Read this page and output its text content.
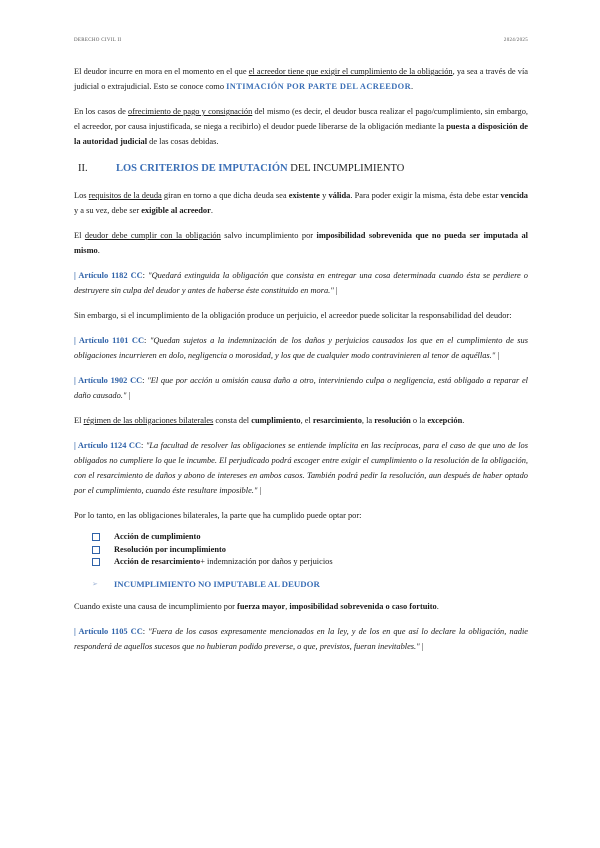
DERECHO CIVIL II	2024/2025

El deudor incurre en mora en el momento en el que el acreedor tiene que exigir el cumplimiento de la obligación, ya sea a través de vía judicial o extrajudicial. Esto se conoce como INTIMACIÓN POR PARTE DEL ACREEDOR.

En los casos de ofrecimiento de pago y consignación del mismo (es decir, el deudor busca realizar el pago/cumplimiento, sin embargo, el acreedor, por causa injustificada, se niega a recibirlo) el deudor puede liberarse de la obligación mediante la puesta a disposición de la autoridad judicial de las cosas debidas.

II.	LOS CRITERIOS DE IMPUTACIÓN DEL INCUMPLIMIENTO

Los requisitos de la deuda giran en torno a que dicha deuda sea existente y válida. Para poder exigir la misma, ésta debe estar vencida y a su vez, debe ser exigible al acreedor.

El deudor debe cumplir con la obligación salvo incumplimiento por imposibilidad sobrevenida que no pueda ser imputada al mismo.

| Artículo 1182 CC: "Quedará extinguida la obligación que consista en entregar una cosa determinada cuando ésta se perdiere o destruyere sin culpa del deudor y antes de haberse éste constituido en mora." |

Sin embargo, si el incumplimiento de la obligación produce un perjuicio, el acreedor puede solicitar la responsabilidad del deudor:

| Artículo 1101 CC: "Quedan sujetos a la indemnización de los daños y perjuicios causados los que en el cumplimiento de sus obligaciones incurrieren en dolo, negligencia o morosidad, y los que de cualquier modo contravinieren al tenor de aquéllas." |

| Artículo 1902 CC: "El que por acción u omisión causa daño a otro, interviniendo culpa o negligencia, está obligado a reparar el daño causado." |

El régimen de las obligaciones bilaterales consta del cumplimiento, el resarcimiento, la resolución o la excepción.

| Artículo 1124 CC: "La facultad de resolver las obligaciones se entiende implícita en las recíprocas, para el caso de que uno de los obligados no cumpliere lo que le incumbe. El perjudicado podrá escoger entre exigir el cumplimiento o la resolución de la obligación, con el resarcimiento de daños y abono de intereses en ambos casos. También podrá pedir la resolución, aun después de haber optado por el cumplimiento, cuando éste resultare imposible." |

Por lo tanto, en las obligaciones bilaterales, la parte que ha cumplido puede optar por:

Acción de cumplimiento
Resolución por incumplimiento
Acción de resarcimiento + indemnización por daños y perjuicios
➢ INCUMPLIMIENTO NO IMPUTABLE AL DEUDOR

Cuando existe una causa de incumplimiento por fuerza mayor, imposibilidad sobrevenida o caso fortuito.

| Artículo 1105 CC: "Fuera de los casos expresamente mencionados en la ley, y de los en que así lo declare la obligación, nadie responderá de aquellos sucesos que no hubieran podido preverse, o que, previstos, fueran inevitables." |
